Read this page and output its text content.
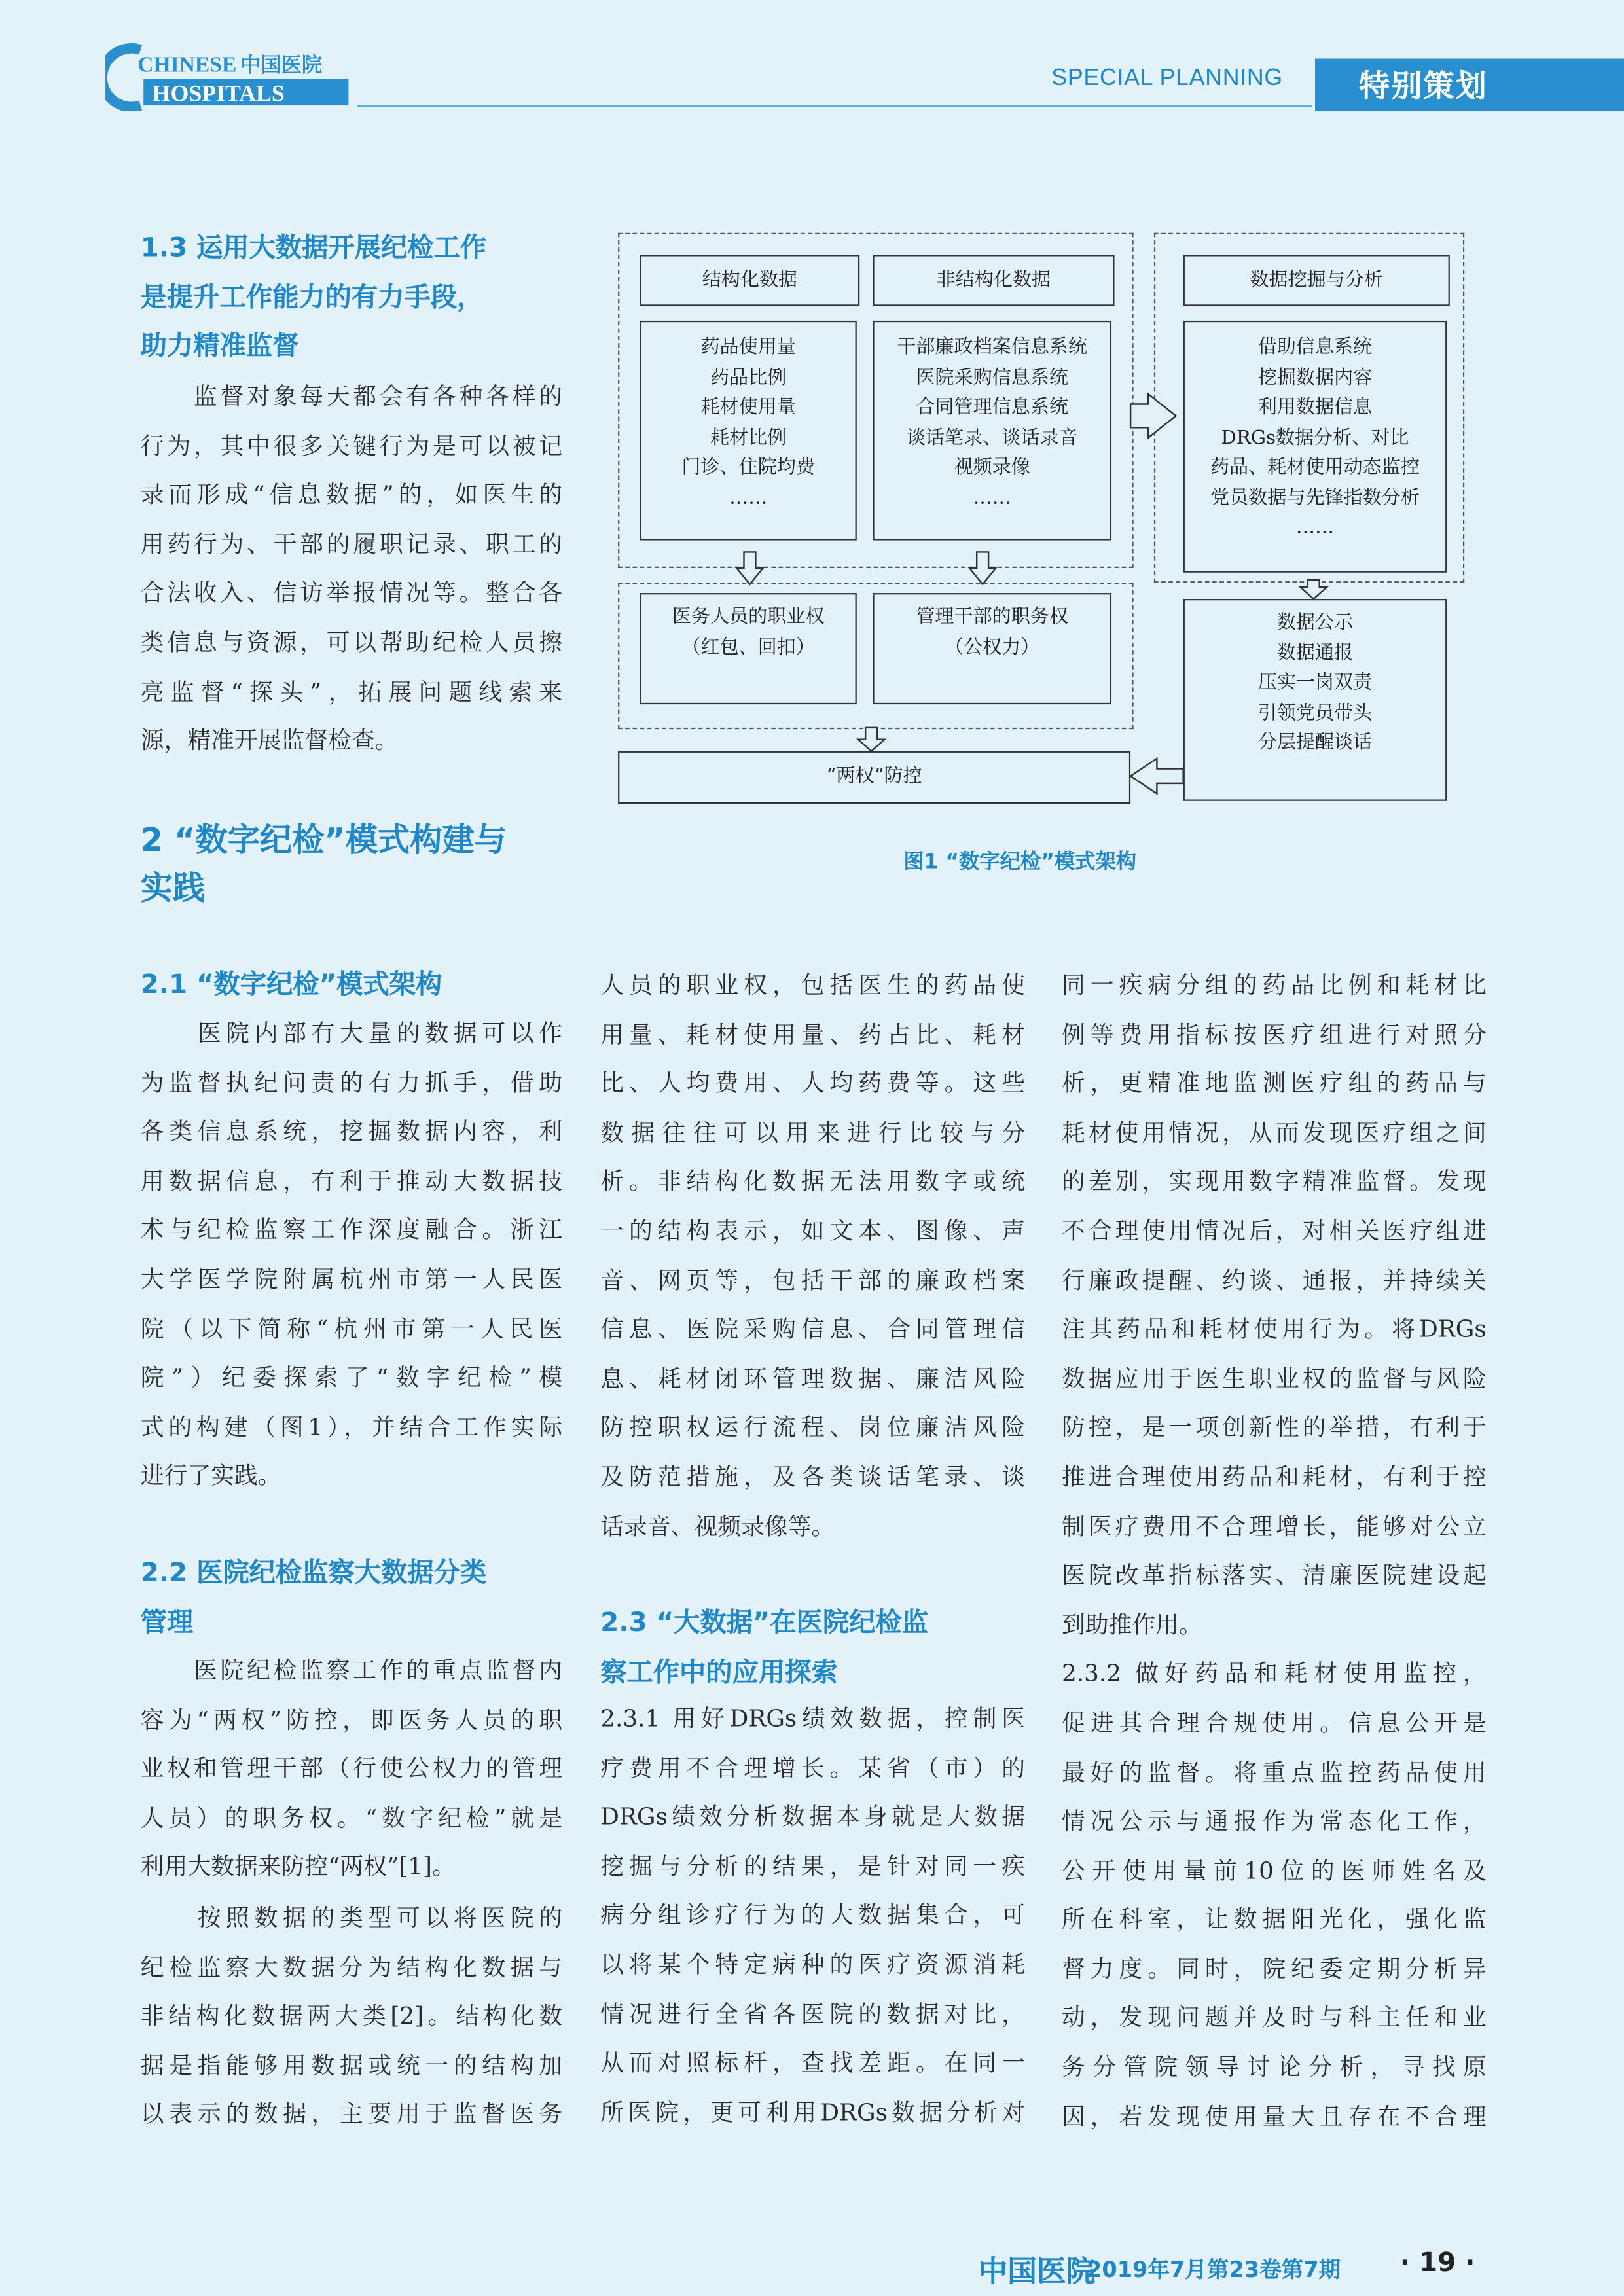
CHINESE 中国医院
HOSPITALS
SPECIAL PLANNING	特别策划
1.3 运用大数据开展纪检工作
是提升工作能力的有力手段，
助力精准监督
　　监督对象每天都会有各种各样的
行为，其中很多关键行为是可以被记
录而形成“信息数据”的，如医生的
用药行为、干部的履职记录、职工的
合法收入、信访举报情况等。整合各
类信息与资源，可以帮助纪检人员擦
亮监督“探头”，拓展问题线索来
源，精准开展监督检查。
2 “数字纪检”模式构建与
实践
2.1 “数字纪检”模式架构
　　医院内部有大量的数据可以作
为监督执纪问责的有力抓手，借助
各类信息系统，挖掘数据内容，利
用数据信息，有利于推动大数据技
术与纪检监察工作深度融合。浙江
大学医学院附属杭州市第一人民医
院（以下简称“杭州市第一人民医
院”）纪委探索了“数字纪检”模
式的构建（图1），并结合工作实际
进行了实践。
2.2 医院纪检监察大数据分类
管理
　　医院纪检监察工作的重点监督内
容为“两权”防控，即医务人员的职
业权和管理干部（行使公权力的管理
人员）的职务权。“数字纪检”就是
利用大数据来防控“两权”[1]。
　　按照数据的类型可以将医院的
纪检监察大数据分为结构化数据与
非结构化数据两大类[2]。结构化数
据是指能够用数据或统一的结构加
以表示的数据，主要用于监督医务
人员的职业权，包括医生的药品使
用量、耗材使用量、药占比、耗材
比、人均费用、人均药费等。这些
数据往往可以用来进行比较与分
析。非结构化数据无法用数字或统
一的结构表示，如文本、图像、声
音、网页等，包括干部的廉政档案
信息、医院采购信息、合同管理信
息、耗材闭环管理数据、廉洁风险
防控职权运行流程、岗位廉洁风险
及防范措施，及各类谈话笔录、谈
话录音、视频录像等。
2.3 “大数据”在医院纪检监
察工作中的应用探索
2.3.1 用好DRGs绩效数据，控制医
疗费用不合理增长。某省（市）的
DRGs绩效分析数据本身就是大数据
挖掘与分析的结果，是针对同一疾
病分组诊疗行为的大数据集合，可
以将某个特定病种的医疗资源消耗
情况进行全省各医院的数据对比，
从而对照标杆，查找差距。在同一
所医院，更可利用DRGs数据分析对
同一疾病分组的药品比例和耗材比
例等费用指标按医疗组进行对照分
析，更精准地监测医疗组的药品与
耗材使用情况，从而发现医疗组之间
的差别，实现用数字精准监督。发现
不合理使用情况后，对相关医疗组进
行廉政提醒、约谈、通报，并持续关
注其药品和耗材使用行为。将DRGs
数据应用于医生职业权的监督与风险
防控，是一项创新性的举措，有利于
推进合理使用药品和耗材，有利于控
制医疗费用不合理增长，能够对公立
医院改革指标落实、清廉医院建设起
到助推作用。
2.3.2 做好药品和耗材使用监控，
促进其合理合规使用。信息公开是
最好的监督。将重点监控药品使用
情况公示与通报作为常态化工作，
公开使用量前10位的医师姓名及
所在科室，让数据阳光化，强化监
督力度。同时，院纪委定期分析异
动，发现问题并及时与科主任和业
务分管院领导讨论分析，寻找原
因，若发现使用量大且存在不合理
结构化数据	非结构化数据	数据挖掘与分析
药品使用量
药品比例
耗材使用量
耗材比例
门诊、住院均费
……
干部廉政档案信息系统
医院采购信息系统
合同管理信息系统
谈话笔录、谈话录音
视频录像
……
借助信息系统
挖掘数据内容
利用数据信息
DRGs数据分析、对比
药品、耗材使用动态监控
党员数据与先锋指数分析
……
医务人员的职业权
（红包、回扣）
管理干部的职务权
（公权力）
数据公示
数据通报
压实一岗双责
引领党员带头
分层提醒谈话
“两权”防控
图1 “数字纪检”模式架构
中国医院
2019年7月第23卷第7期	· 19 ·
